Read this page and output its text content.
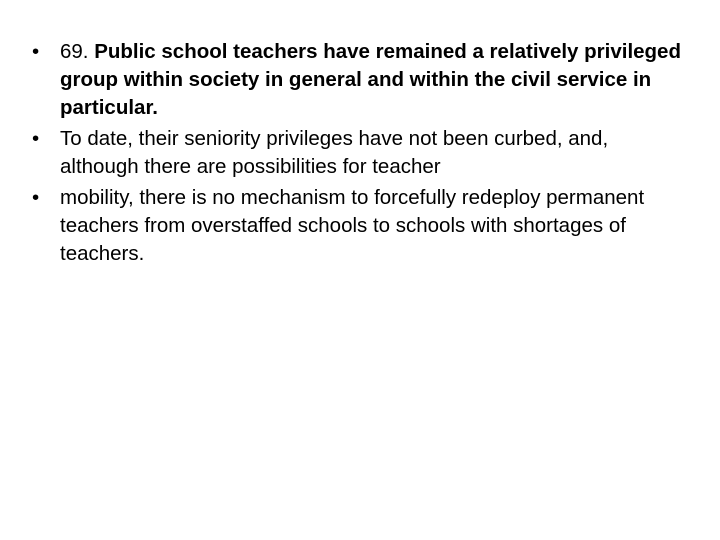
•	69. Public school teachers have remained a relatively privileged group within society in general and within the civil service in particular.
•	To date, their seniority privileges have not been curbed, and, although there are possibilities for teacher
•	mobility, there is no mechanism to forcefully redeploy permanent teachers from overstaffed schools to schools with shortages of teachers.
